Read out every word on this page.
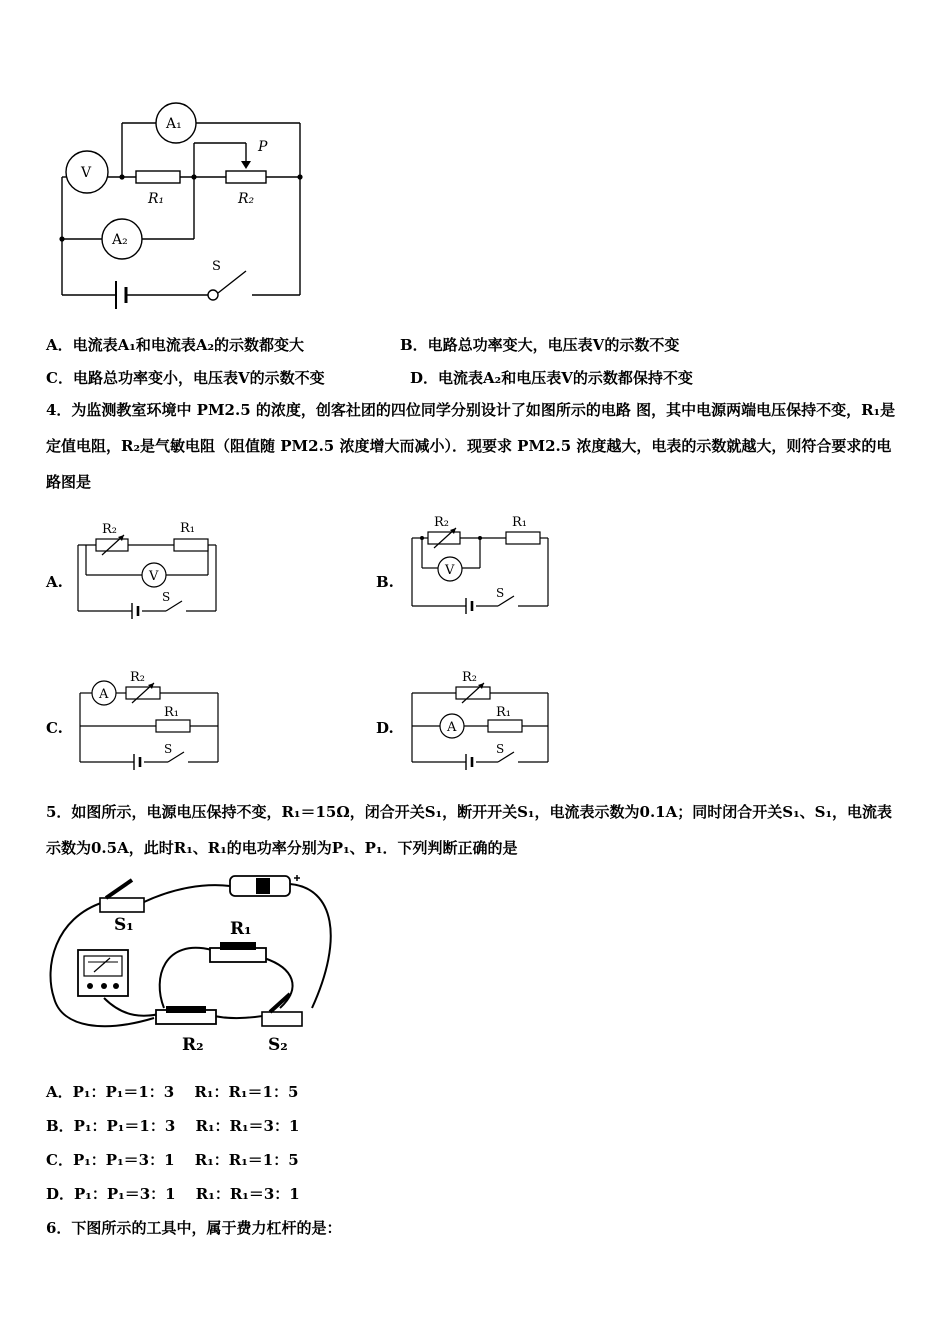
A₁
V
A₂
R₁	R₂
P
S
A．电流表A₁和电流表A₂的示数都变大	B．电路总功率变大，电压表V的示数不变
C．电路总功率变小，电压表V的示数不变	D．电流表A₂和电压表V的示数都保持不变
4．为监测教室环境中 PM2.5 的浓度，创客社团的四位同学分别设计了如图所示的电路 图，其中电源两端电压保持不变，R₁是定值电阻，R₂是气敏电阻（阻值随 PM2.5 浓度增大而减小）．现要求 PM2.5 浓度越大，电表的示数就越大，则符合要求的电路图是
A.
R₂	R₁
V
S
B.
R₂	R₁
V
S
C.
A
R₂
R₁
S
D.	A
R₂
R₁
S
5．如图所示，电源电压保持不变，R₁＝15Ω，闭合开关S₁，断开开关S₁，电流表示数为0.1A；同时闭合开关S₁、S₁，电流表示数为0.5A，此时R₁、R₁的电功率分别为P₁、P₁．下列判断正确的是
S₁	R₁
R₂	S₂
A．P₁：P₁＝1：3　 R₁：R₁＝1：5
B．P₁：P₁＝1：3　 R₁：R₁＝3：1
C．P₁：P₁＝3：1　 R₁：R₁＝1：5
D．P₁：P₁＝3：1　 R₁：R₁＝3：1
6．下图所示的工具中，属于费力杠杆的是：
